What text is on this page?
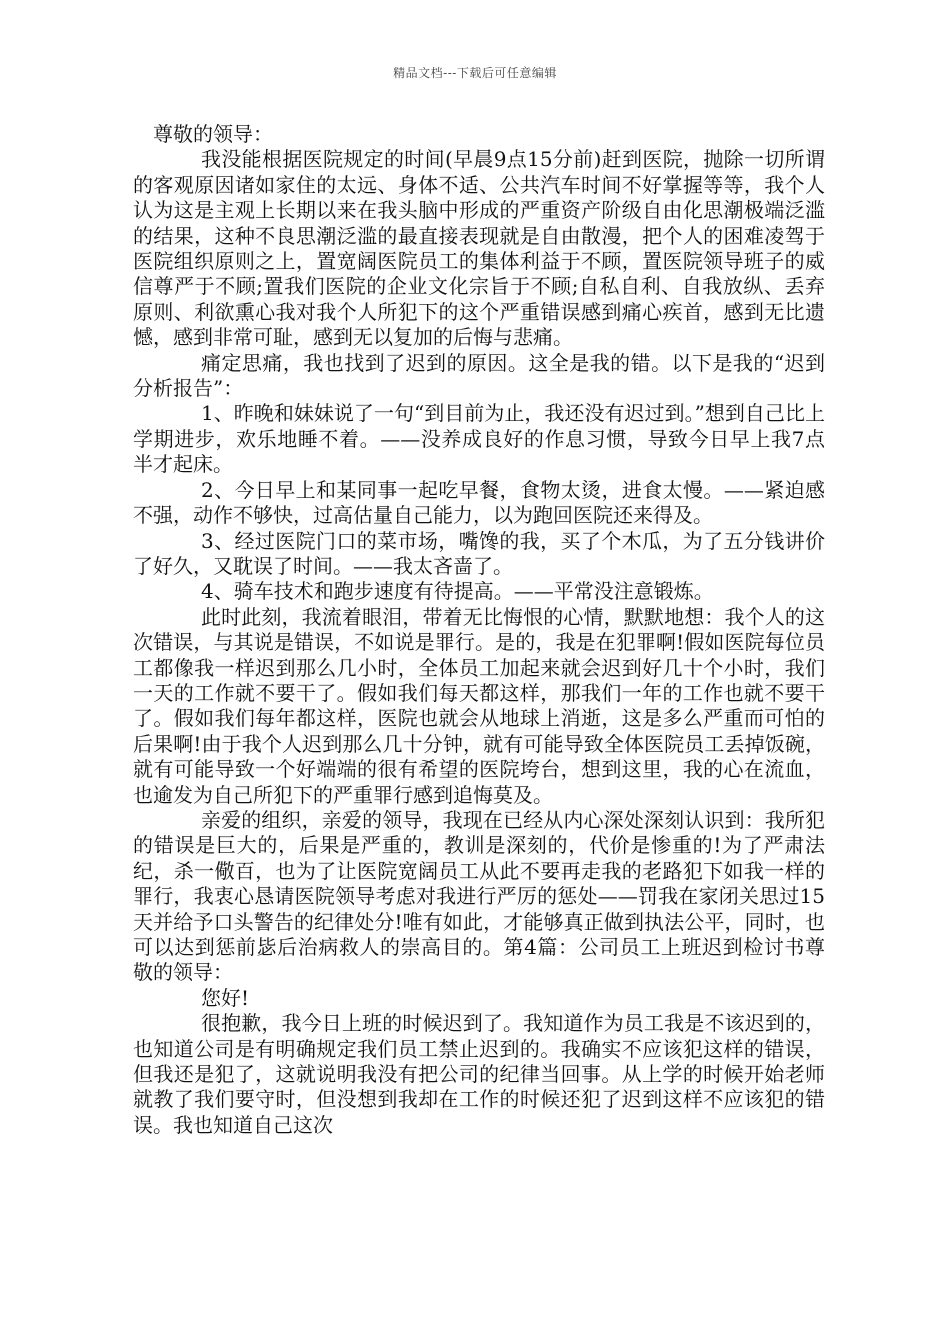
精品文档---下载后可任意编辑

尊敬的领导：

我没能根据医院规定的时间(早晨9点15分前)赶到医院，抛除一切所谓的客观原因诸如家住的太远、身体不适、公共汽车时间不好掌握等等，我个人认为这是主观上长期以来在我头脑中形成的严重资产阶级自由化思潮极端泛滥的结果，这种不良思潮泛滥的最直接表现就是自由散漫，把个人的困难凌驾于医院组织原则之上，置宽阔医院员工的集体利益于不顾，置医院领导班子的威信尊严于不顾;置我们医院的企业文化宗旨于不顾;自私自利、自我放纵、丢弃原则、利欲熏心我对我个人所犯下的这个严重错误感到痛心疾首，感到无比遗憾，感到非常可耻，感到无以复加的后悔与悲痛。

痛定思痛，我也找到了迟到的原因。这全是我的错。以下是我的“迟到分析报告”：

1、昨晚和妹妹说了一句“到目前为止，我还没有迟过到。”想到自己比上学期进步，欢乐地睡不着。——没养成良好的作息习惯，导致今日早上我7点半才起床。

2、今日早上和某同事一起吃早餐，食物太烫，进食太慢。——紧迫感不强，动作不够快，过高估量自己能力，以为跑回医院还来得及。

3、经过医院门口的菜市场，嘴馋的我，买了个木瓜，为了五分钱讲价了好久，又耽误了时间。——我太吝啬了。

4、骑车技术和跑步速度有待提高。——平常没注意锻炼。

此时此刻，我流着眼泪，带着无比悔恨的心情，默默地想：我个人的这次错误，与其说是错误，不如说是罪行。是的，我是在犯罪啊!假如医院每位员工都像我一样迟到那么几小时，全体员工加起来就会迟到好几十个小时，我们一天的工作就不要干了。假如我们每天都这样，那我们一年的工作也就不要干了。假如我们每年都这样，医院也就会从地球上消逝，这是多么严重而可怕的后果啊!由于我个人迟到那么几十分钟，就有可能导致全体医院员工丢掉饭碗，就有可能导致一个好端端的很有希望的医院垮台，想到这里，我的心在流血，也逾发为自己所犯下的严重罪行感到追悔莫及。

亲爱的组织，亲爱的领导，我现在已经从内心深处深刻认识到：我所犯的错误是巨大的，后果是严重的，教训是深刻的，代价是惨重的!为了严肃法纪，杀一儆百，也为了让医院宽阔员工从此不要再走我的老路犯下如我一样的罪行，我衷心恳请医院领导考虑对我进行严厉的惩处——罚我在家闭关思过15天并给予口头警告的纪律处分!唯有如此，才能够真正做到执法公平，同时，也可以达到惩前毖后治病救人的崇高目的。第4篇：公司员工上班迟到检讨书尊敬的领导：

您好!

很抱歉，我今日上班的时候迟到了。我知道作为员工我是不该迟到的，也知道公司是有明确规定我们员工禁止迟到的。我确实不应该犯这样的错误，但我还是犯了，这就说明我没有把公司的纪律当回事。从上学的时候开始老师就教了我们要守时，但没想到我却在工作的时候还犯了迟到这样不应该犯的错误。我也知道自己这次
